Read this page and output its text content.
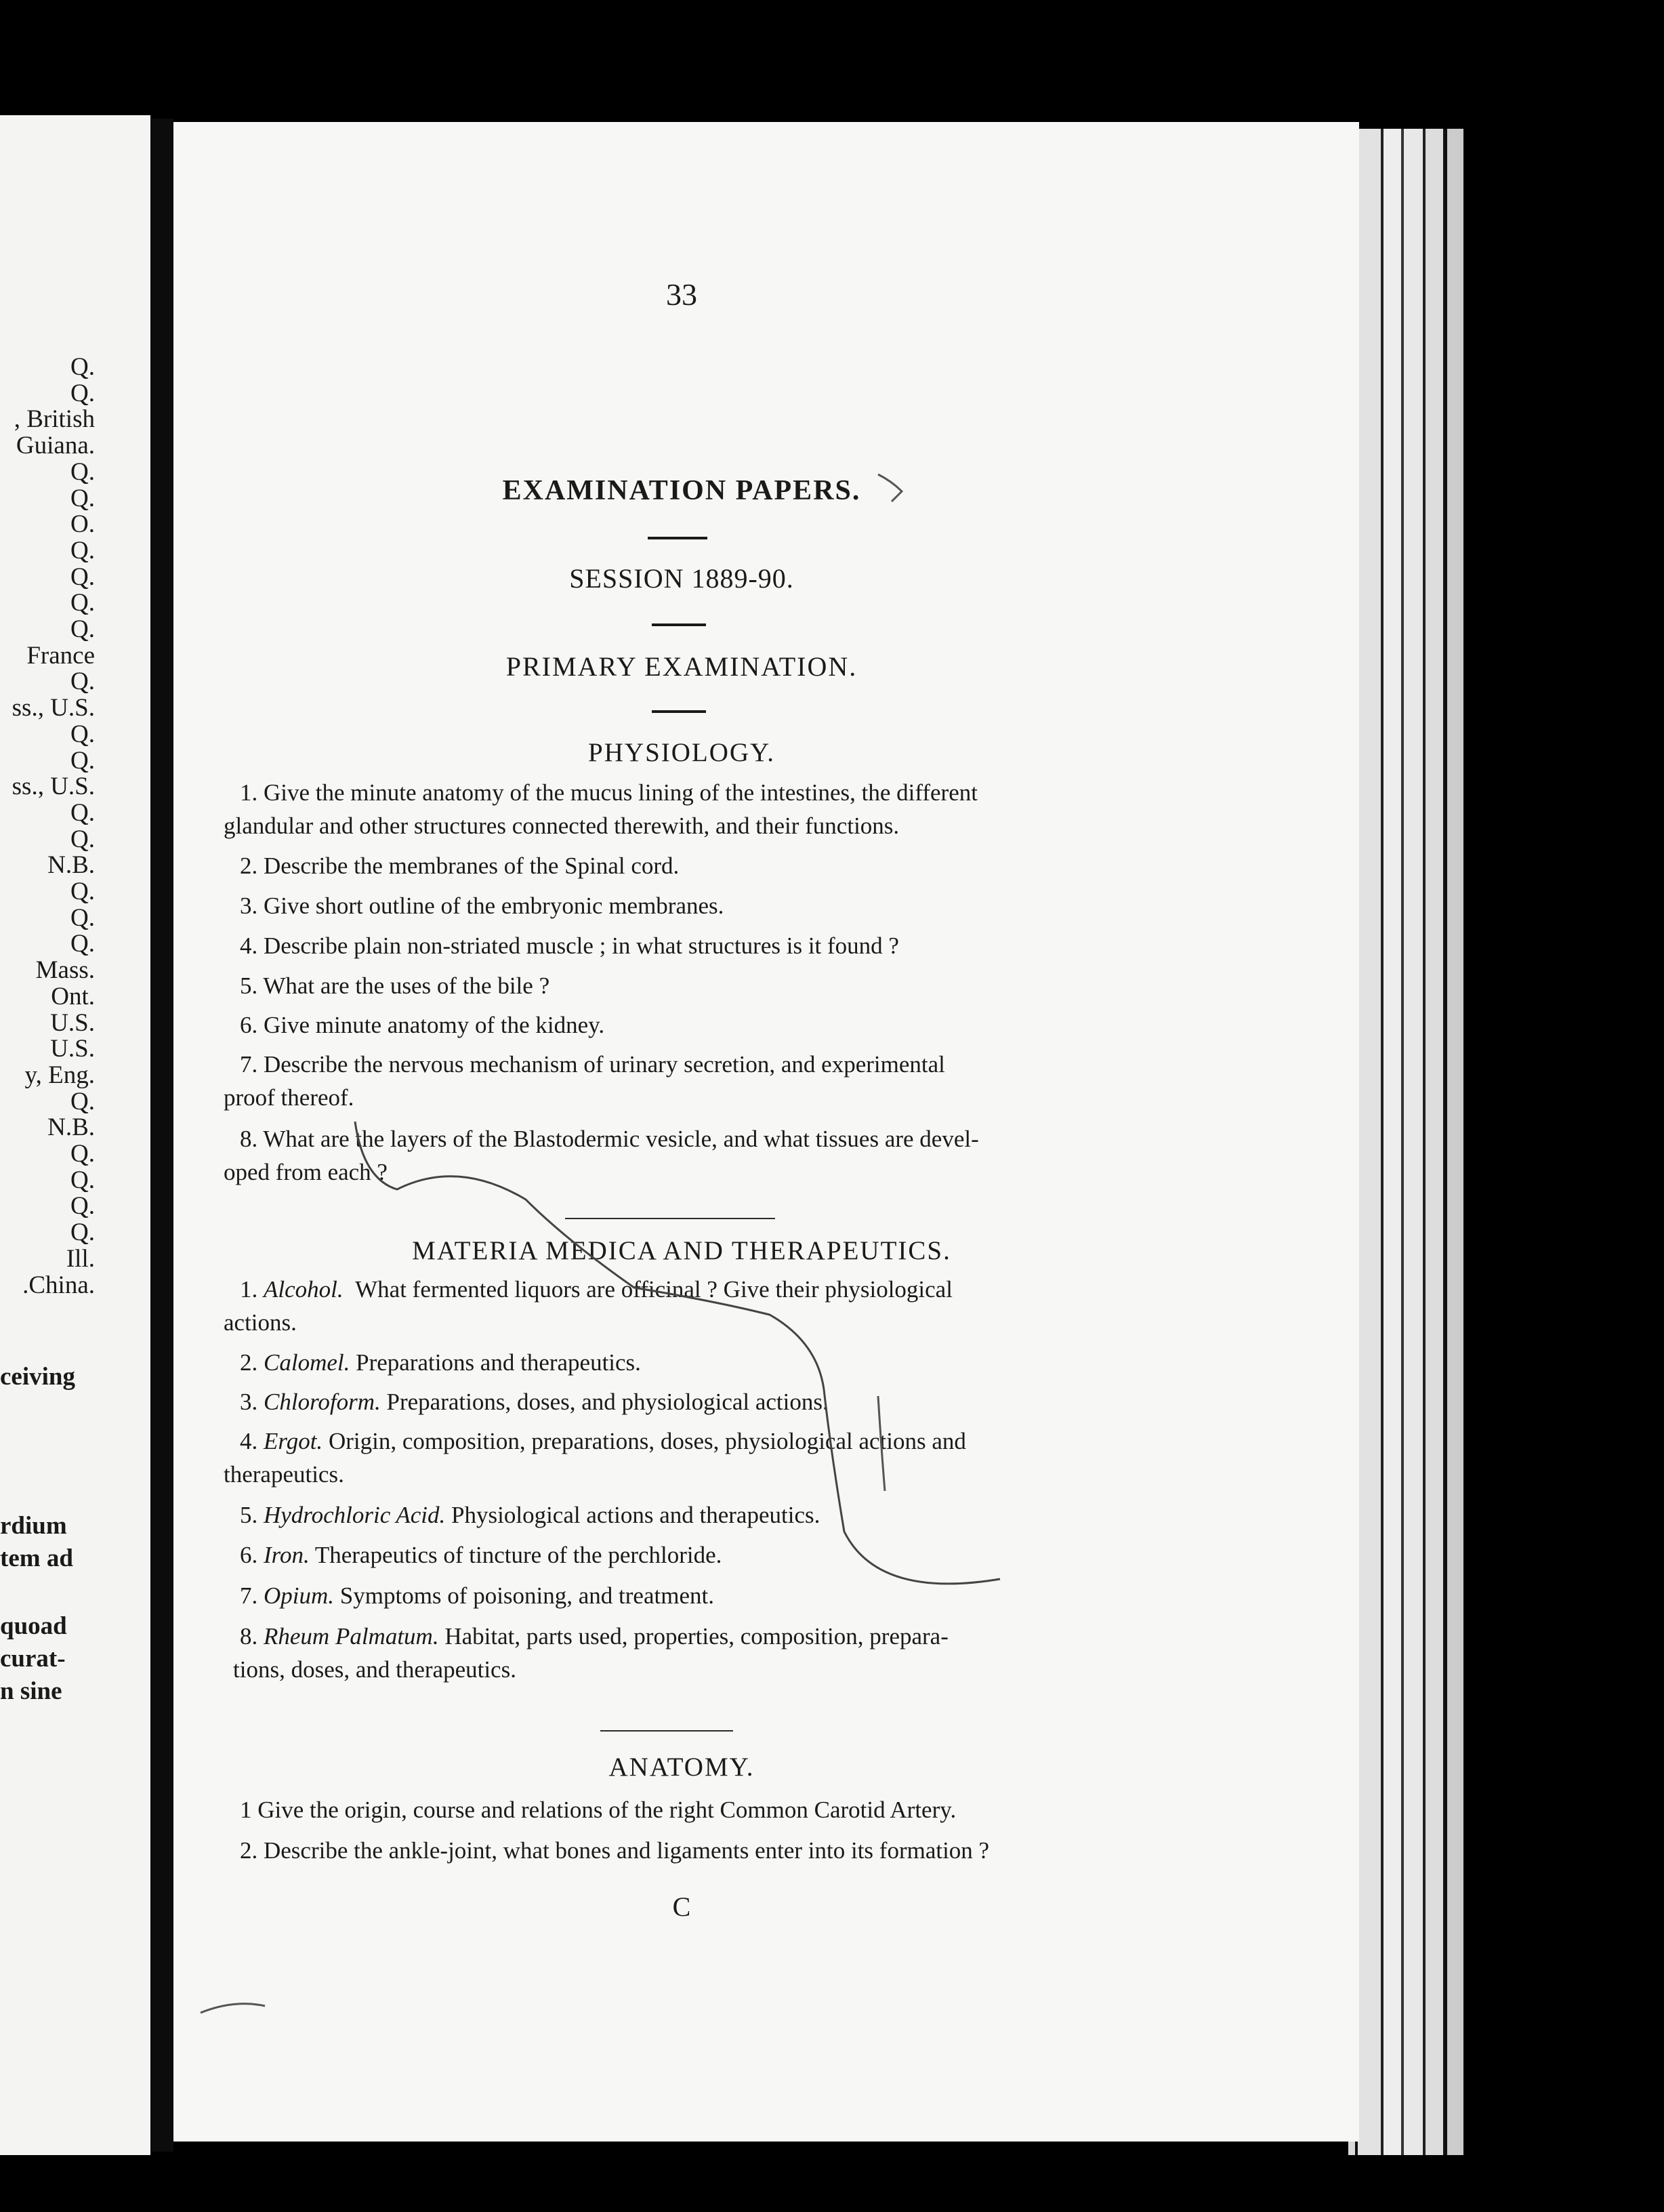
Q.
Q.
, British
Guiana.
Q.
Q.
O.
Q.
Q.
Q.
Q.
France
Q.
ss., U.S.
Q.
Q.
ss., U.S.
Q.
Q.
N.B.
Q.
Q.
Q.
Mass.
Ont.
U.S.
U.S.
y, Eng.
Q.
N.B.
Q.
Q.
Q.
Q.
Ill.
.China.
ceiving
rdium
tem ad
quoad
curat-
n sine
33
EXAMINATION PAPERS.
SESSION 1889-90.
PRIMARY EXAMINATION.
PHYSIOLOGY.
1. Give the minute anatomy of the mucus lining of the intestines, the different
glandular and other structures connected therewith, and their functions.
2. Describe the membranes of the Spinal cord.
3. Give short outline of the embryonic membranes.
4. Describe plain non-striated muscle ; in what structures is it found ?
5. What are the uses of the bile ?
6. Give minute anatomy of the kidney.
7. Describe the nervous mechanism of urinary secretion, and experimental
proof thereof.
8. What are the layers of the Blastodermic vesicle, and what tissues are devel-
oped from each ?
MATERIA MEDICA AND THERAPEUTICS.
1. Alcohol. What fermented liquors are officinal ? Give their physiological
actions.
2. Calomel. Preparations and therapeutics.
3. Chloroform. Preparations, doses, and physiological actions.
4. Ergot. Origin, composition, preparations, doses, physiological actions and
therapeutics.
5. Hydrochloric Acid. Physiological actions and therapeutics.
6. Iron. Therapeutics of tincture of the perchloride.
7. Opium. Symptoms of poisoning, and treatment.
8. Rheum Palmatum. Habitat, parts used, properties, composition, prepara-
tions, doses, and therapeutics.
ANATOMY.
1 Give the origin, course and relations of the right Common Carotid Artery.
2. Describe the ankle-joint, what bones and ligaments enter into its formation ?
C
